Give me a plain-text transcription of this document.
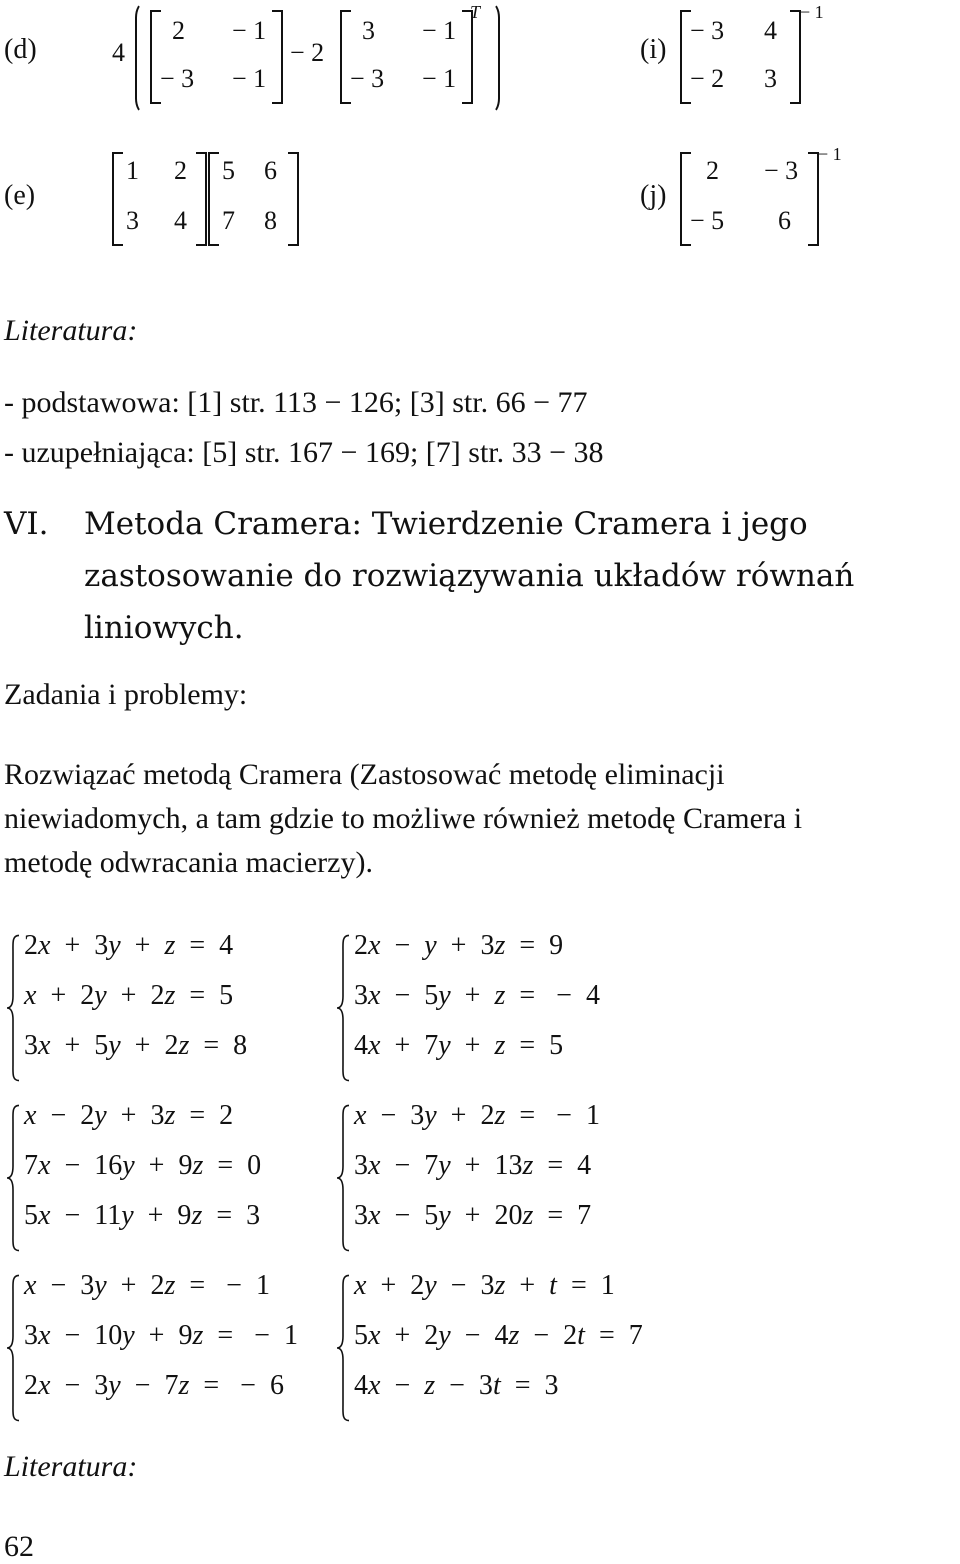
(d)	4
2 − 1
− 3 − 1
− 2
3 − 1
− 3 − 1
T
(i)
− 3 4
− 2 3
− 1
(e)
1 2
3 4
5 6
7 8
(j)
2 − 3
− 5 6
− 1
Literatura:
- podstawowa: [1] str. 113 − 126; [3] str. 66 − 77
- uzupełniająca: [5] str. 167 − 169; [7] str. 33 − 38
VI. Metoda Cramera: Twierdzenie Cramera i jego
zastosowanie do rozwiązywania układów równań
liniowych.
Zadania i problemy:
Rozwiązać metodą Cramera (Zastosować metodę eliminacji
niewiadomych, a tam gdzie to możliwe również metodę Cramera i
metodę odwracania macierzy).
2x  +  3y  +  z  =  4
x  +  2y  +  2z  =  5
3x  +  5y  +  2z  =  8
2x  −  y  +  3z  =  9
3x  −  5y  +  z  =   −  4
4x  +  7y  +  z  =  5
x  −  2y  +  3z  =  2
7x  −  16y  +  9z  =  0
5x  −  11y  +  9z  =  3
x  −  3y  +  2z  =   −  1
3x  −  7y  +  13z  =  4
3x  −  5y  +  20z  =  7
x  −  3y  +  2z  =   −  1
3x  −  10y  +  9z  =   −  1
2x  −  3y  −  7z  =   −  6
x  +  2y  −  3z  +  t  =  1
5x  +  2y  −  4z  −  2t  =  7
4x  −  z  −  3t  =  3
Literatura:
62
